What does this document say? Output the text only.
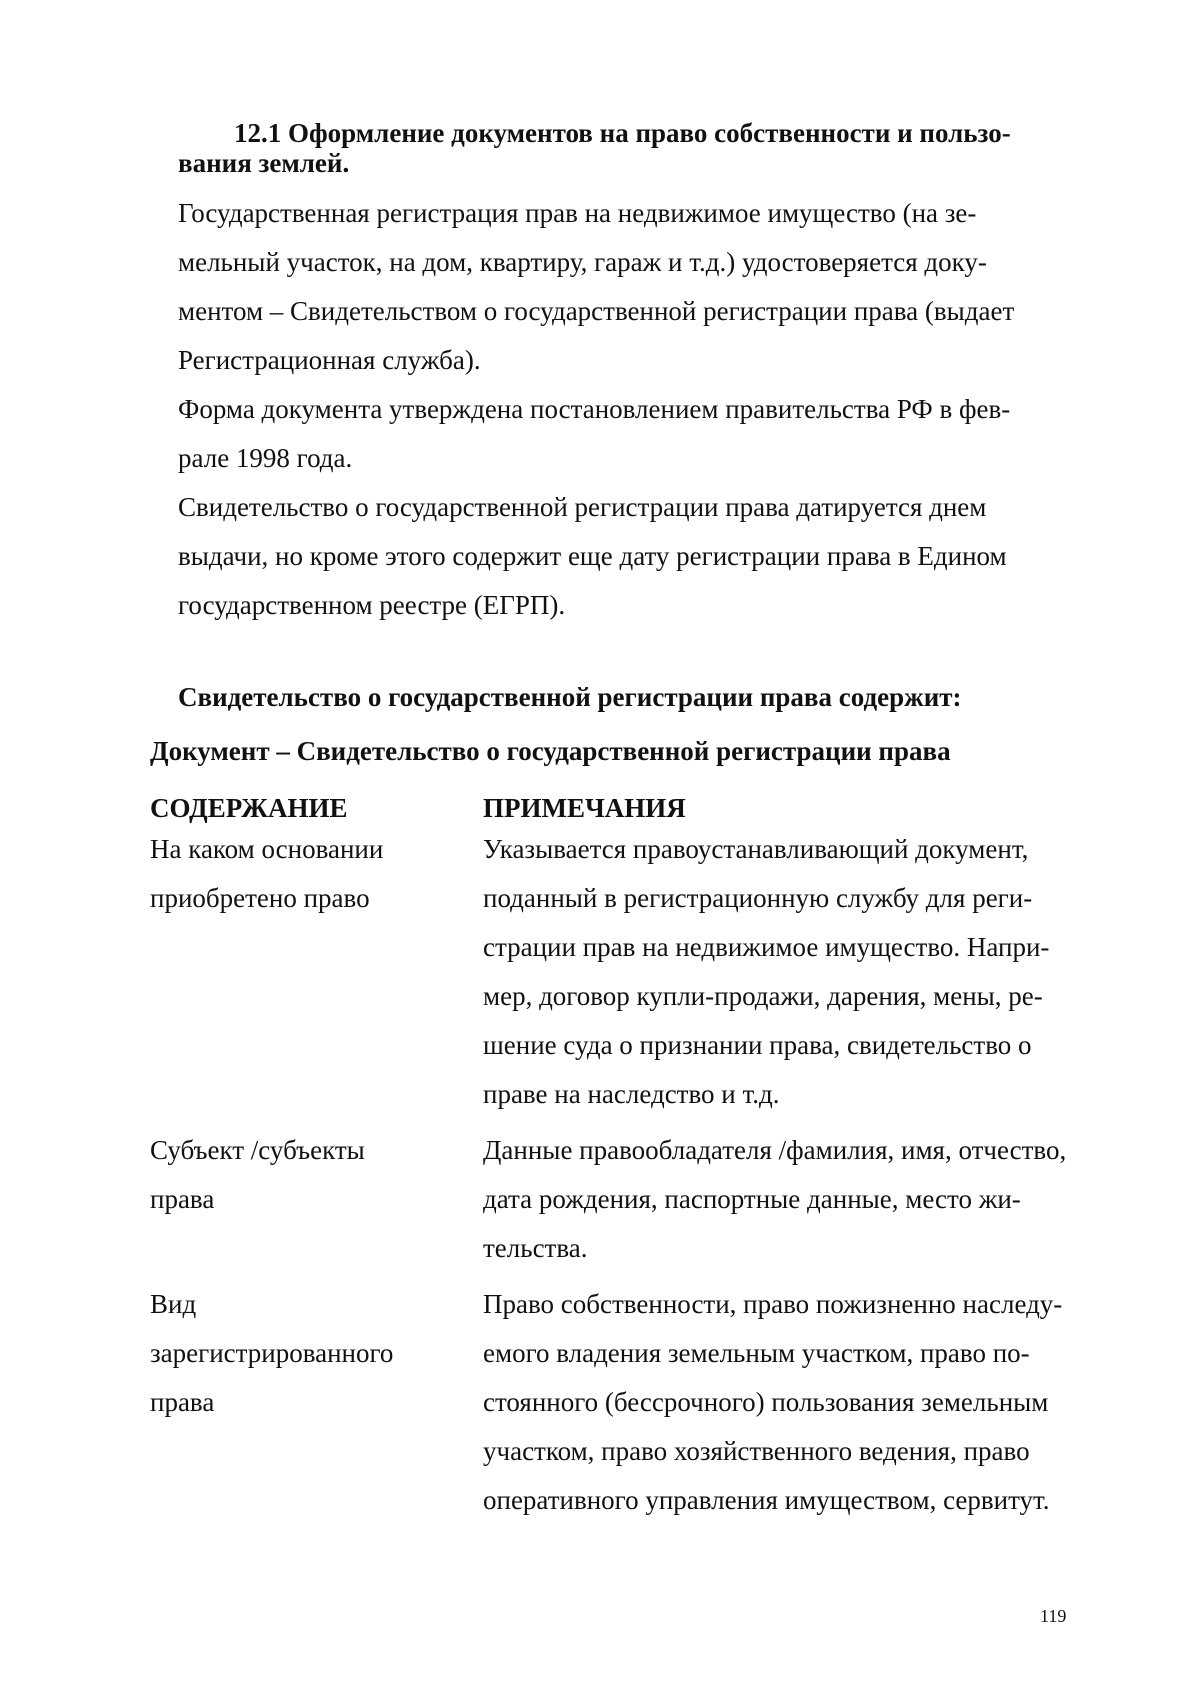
12.1 Оформление документов на право собственности и пользо-
вания землей.

Государственная регистрация прав на недвижимое имущество (на зе-

мельный участок, на дом, квартиру, гараж и т.д.) удостоверяется доку-

ментом – Свидетельством о государственной регистрации права (выдает

Регистрационная служба).

Форма документа утверждена постановлением правительства РФ в фев-

рале 1998 года.

Свидетельство о государственной регистрации права датируется днем

выдачи, но кроме этого содержит еще дату регистрации права в Едином

государственном реестре (ЕГРП).

Свидетельство о государственной регистрации права содержит:

Документ – Свидетельство о государственной регистрации права

СОДЕРЖАНИЕ	ПРИМЕЧАНИЯ

На каком основании

приобретено право

Указывается правоустанавливающий документ,

поданный в регистрационную службу для реги-

страции прав на недвижимое имущество. Напри-

мер, договор купли-продажи, дарения, мены, ре-

шение суда о признании права, свидетельство о

праве на наследство и т.д.

Субъект /субъекты

права

Данные правообладателя /фамилия, имя, отчество,

дата рождения, паспортные данные, место жи-

тельства.

Вид

зарегистрированного

права

Право собственности, право пожизненно наследу-

емого владения земельным участком, право по-

стоянного (бессрочного) пользования земельным

участком, право хозяйственного ведения, право

оперативного управления имуществом, сервитут.

119
